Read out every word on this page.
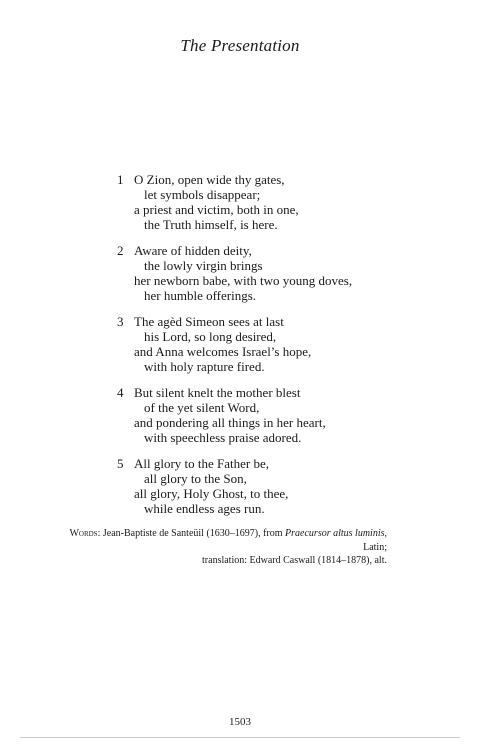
The Presentation
1 O Zion, open wide thy gates,
let symbols disappear;
a priest and victim, both in one,
the Truth himself, is here.
2 Aware of hidden deity,
the lowly virgin brings
her newborn babe, with two young doves,
her humble offerings.
3 The agèd Simeon sees at last
his Lord, so long desired,
and Anna welcomes Israel’s hope,
with holy rapture fired.
4 But silent knelt the mother blest
of the yet silent Word,
and pondering all things in her heart,
with speechless praise adored.
5 All glory to the Father be,
all glory to the Son,
all glory, Holy Ghost, to thee,
while endless ages run.
Words: Jean-Baptiste de Santeüil (1630–1697), from Praecursor altus luminis, Latin;
translation: Edward Caswall (1814–1878), alt.
1503
